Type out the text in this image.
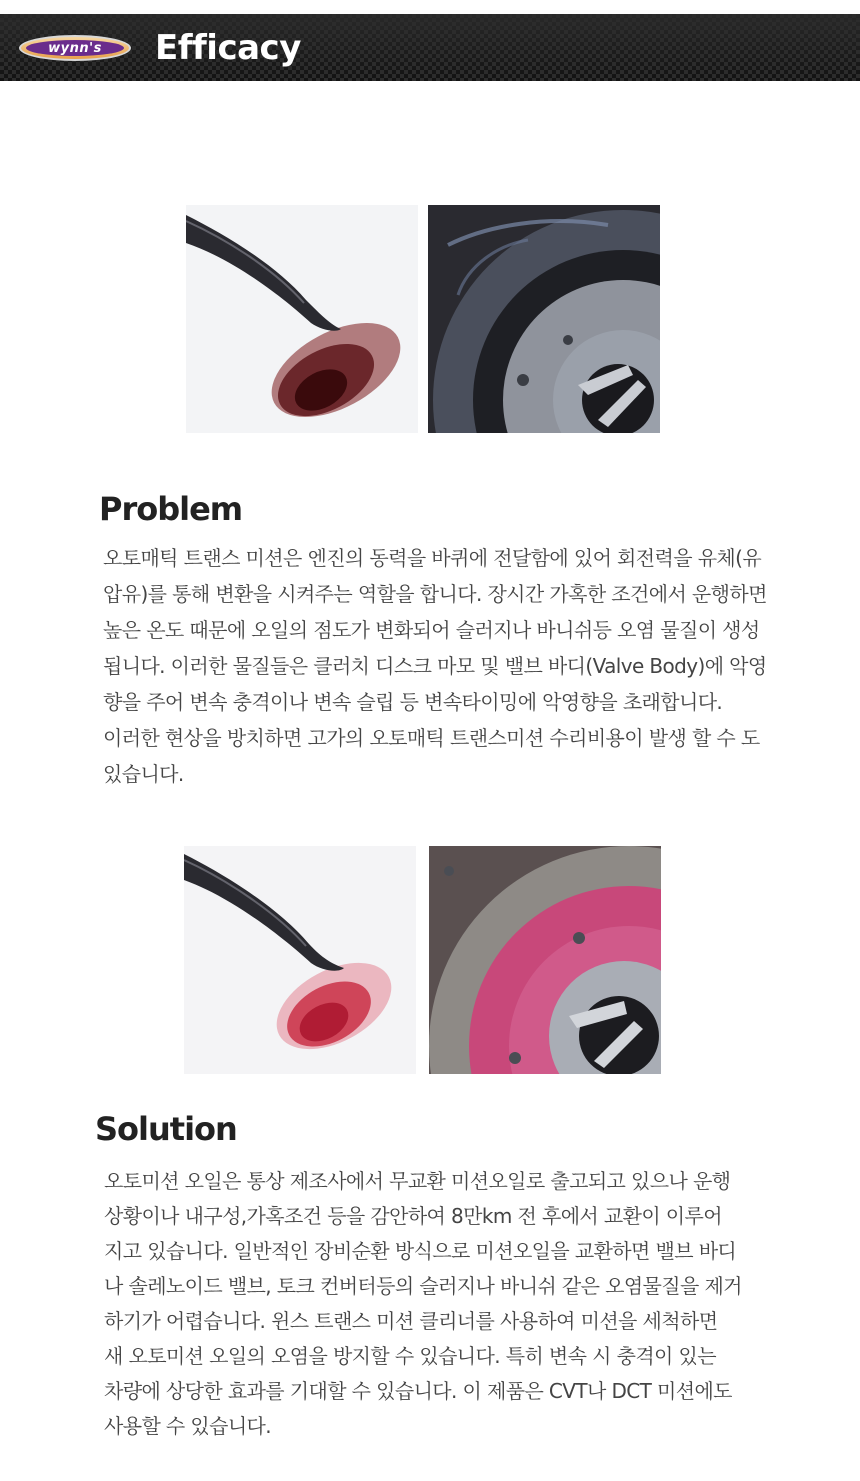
wynn's	Efficacy
Problem
오토매틱 트랜스 미션은 엔진의 동력을 바퀴에 전달함에 있어 회전력을 유체(유
압유)를 통해 변환을 시켜주는 역할을 합니다. 장시간 가혹한 조건에서 운행하면
높은 온도 때문에 오일의 점도가 변화되어 슬러지나 바니쉬등 오염 물질이 생성
됩니다. 이러한 물질들은 클러치 디스크 마모 및 밸브 바디(Valve Body)에 악영
향을 주어 변속 충격이나 변속 슬립 등 변속타이밍에 악영향을 초래합니다.
이러한 현상을 방치하면 고가의 오토매틱 트랜스미션 수리비용이 발생 할 수 도
있습니다.
Solution
오토미션 오일은 통상 제조사에서 무교환 미션오일로 출고되고 있으나 운행
상황이나 내구성,가혹조건 등을 감안하여 8만km 전 후에서 교환이 이루어
지고 있습니다. 일반적인 장비순환 방식으로 미션오일을 교환하면 밸브 바디
나 솔레노이드 밸브, 토크 컨버터등의 슬러지나 바니쉬 같은 오염물질을 제거
하기가 어렵습니다. 윈스 트랜스 미션 클리너를 사용하여 미션을 세척하면
새 오토미션 오일의 오염을 방지할 수 있습니다. 특히 변속 시 충격이 있는
차량에 상당한 효과를 기대할 수 있습니다. 이 제품은 CVT나 DCT 미션에도
사용할 수 있습니다.
